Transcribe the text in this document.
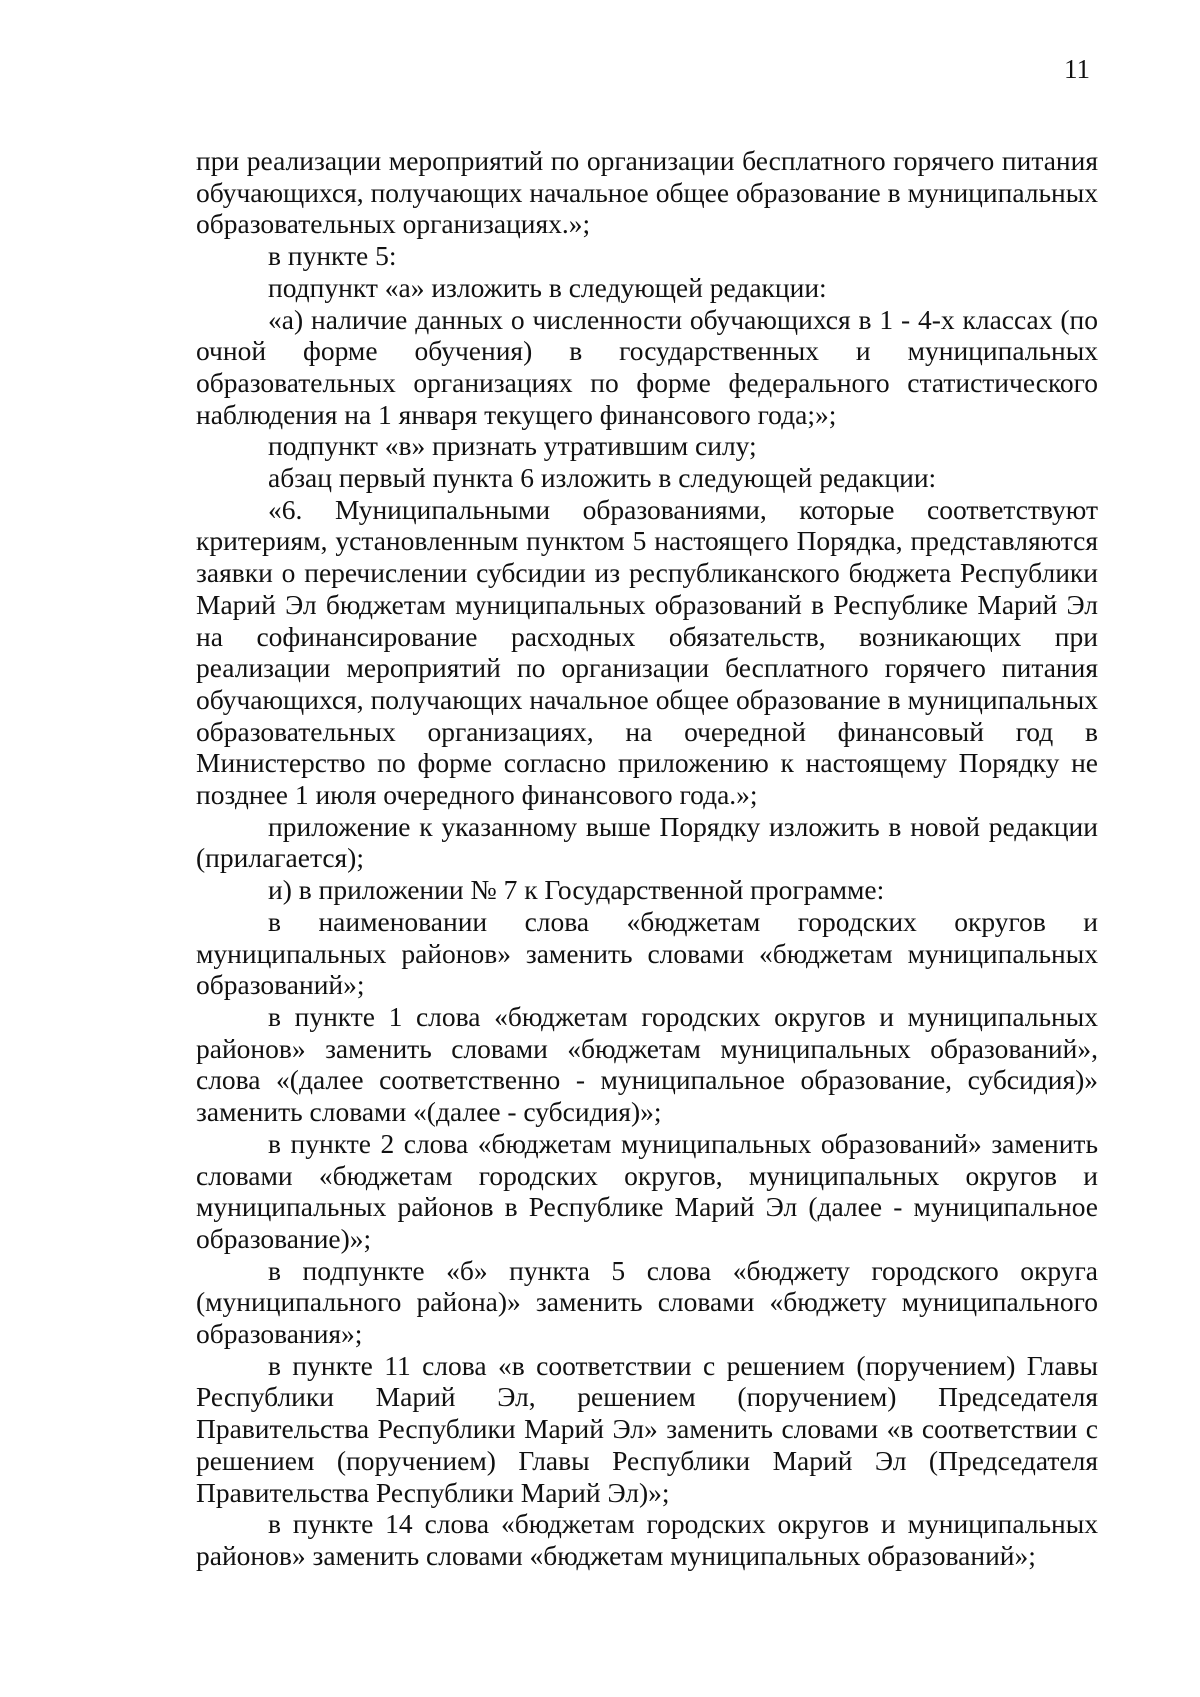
11

при реализации мероприятий по организации бесплатного горячего питания обучающихся, получающих начальное общее образование в муниципальных образовательных организациях.»;

в пункте 5:

подпункт «а» изложить в следующей редакции:

«а) наличие данных о численности обучающихся в 1 - 4-х классах (по очной форме обучения) в государственных и муниципальных образовательных организациях по форме федерального статистического наблюдения на 1 января текущего финансового года;»;

подпункт «в» признать утратившим силу;

абзац первый пункта 6 изложить в следующей редакции:

«6. Муниципальными образованиями, которые соответствуют критериям, установленным пунктом 5 настоящего Порядка, представляются заявки о перечислении субсидии из республиканского бюджета Республики Марий Эл бюджетам муниципальных образований в Республике Марий Эл на софинансирование расходных обязательств, возникающих при реализации мероприятий по организации бесплатного горячего питания обучающихся, получающих начальное общее образование в муниципальных образовательных организациях, на очередной финансовый год в Министерство по форме согласно приложению к настоящему Порядку не позднее 1 июля очередного финансового года.»;

приложение к указанному выше Порядку изложить в новой редакции (прилагается);

и) в приложении № 7 к Государственной программе:

в наименовании слова «бюджетам городских округов и муниципальных районов» заменить словами «бюджетам муниципальных образований»;

в пункте 1 слова «бюджетам городских округов и муниципальных районов» заменить словами «бюджетам муниципальных образований», слова «(далее соответственно - муниципальное образование, субсидия)» заменить словами «(далее - субсидия)»;

в пункте 2 слова «бюджетам муниципальных образований» заменить словами «бюджетам городских округов, муниципальных округов и муниципальных районов в Республике Марий Эл (далее - муниципальное образование)»;

в подпункте «б» пункта 5 слова «бюджету городского округа (муниципального района)» заменить словами «бюджету муниципального образования»;

в пункте 11 слова «в соответствии с решением (поручением) Главы Республики Марий Эл, решением (поручением) Председателя Правительства Республики Марий Эл» заменить словами «в соответствии с решением (поручением) Главы Республики Марий Эл (Председателя Правительства Республики Марий Эл)»;

в пункте 14 слова «бюджетам городских округов и муниципальных районов» заменить словами «бюджетам муниципальных образований»;
